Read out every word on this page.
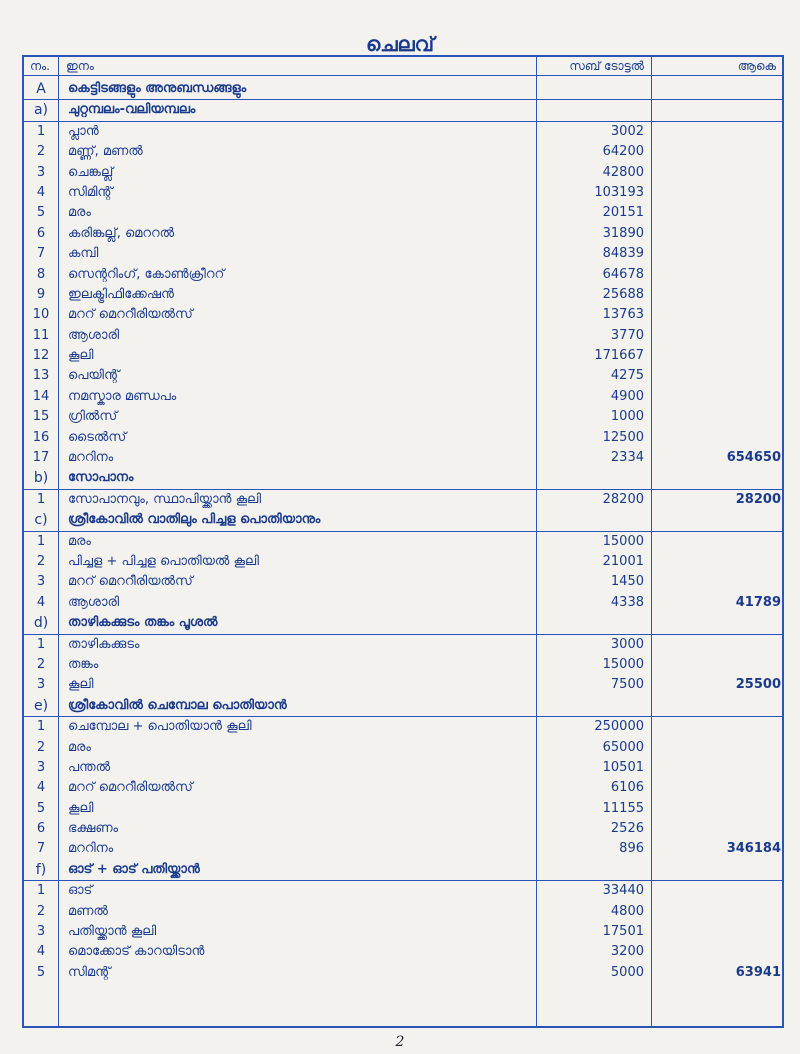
ചെലവ്
നം. ഇനം	സബ് ടോട്ടൽ	ആകെ
A	കെട്ടിടങ്ങളും അനുബന്ധങ്ങളും
a)	ചുറ്റമ്പലം-വലിയമ്പലം
1	പ്ലാൻ	3002
2	മണ്ണ്, മണൽ	64200
3	ചെങ്കല്ല്	42800
4	സിമിന്റ്	103193
5	മരം	20151
6	കരിങ്കല്ല്, മെററൽ	31890
7	കമ്പി	84839
8	സെന്ററിംഗ്, കോൺക്രീററ്	64678
9	ഇലക്ട്രിഫിക്കേഷൻ	25688
10	മററ് മെററീരിയൽസ്	13763
11	ആശാരി	3770
12	കൂലി	171667
13	പെയിന്റ്	4275
14	നമസ്കാര മണ്ഡപം	4900
15	ഗ്രിൽസ്	1000
16	ടൈൽസ്	12500
17	മററിനം	2334	654650
b)	സോപാനം
1	സോപാനവും, സ്ഥാപിയ്ക്കാൻ കൂലി	28200	28200
c)	ശ്രീകോവിൽ വാതിലും പിച്ചള പൊതിയാനും
1	മരം	15000
2	പിച്ചള + പിച്ചള പൊതിയൽ കൂലി	21001
3	മററ് മെററീരിയൽസ്	1450
4	ആശാരി	4338	41789
d)	താഴികക്കുടം തങ്കം പൂശൽ
1	താഴികക്കുടം	3000
2	തങ്കം	15000
3	കൂലി	7500	25500
e)	ശ്രീകോവിൽ ചെമ്പോല പൊതിയാൻ
1	ചെമ്പോല + പൊതിയാൻ കൂലി	250000
2	മരം	65000
3	പന്തൽ	10501
4	മററ് മെററീരിയൽസ്	6106
5	കൂലി	11155
6	ഭക്ഷണം	2526
7	മററിനം	896	346184
f)	ഓട് + ഓട് പതിയ്ക്കാൻ
1	ഓട്	33440
2	മണൽ	4800
3	പതിയ്ക്കാൻ കൂലി	17501
4	മൊക്കോട് കാറയിടാൻ	3200
5	സിമന്റ്	5000	63941
2
